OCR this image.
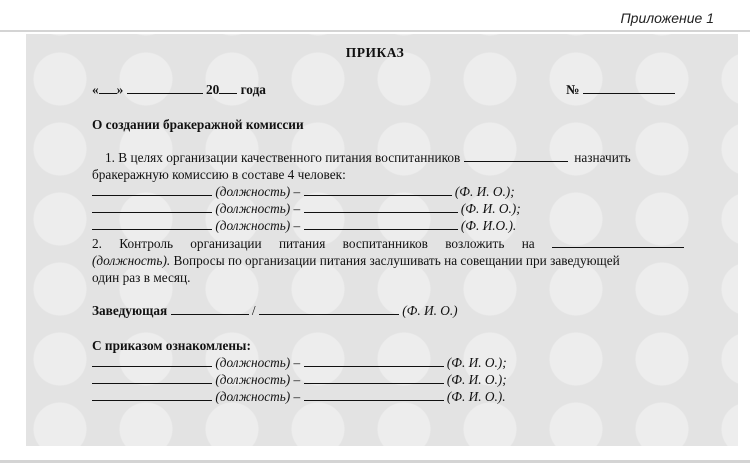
Приложение 1
ПРИКАЗ
« »	20 года	№
О создании бракеражной комиссии
1. В целях организации качественного питания воспитанников	назначить
бракеражную комиссию в составе 4 человек:
(должность) –	(Ф. И. О.);
(должность) –	(Ф. И. О.);
(должность) –	(Ф. И.О.).
2. Контроль организации питания воспитанников возложить на
(должность). Вопросы по организации питания заслушивать на совещании при заведующей
один раз в месяц.
Заведующая	/	(Ф. И. О.)
С приказом ознакомлены:
(должность) –	(Ф. И. О.);
(должность) –	(Ф. И. О.);
(должность) –	(Ф. И. О.).
